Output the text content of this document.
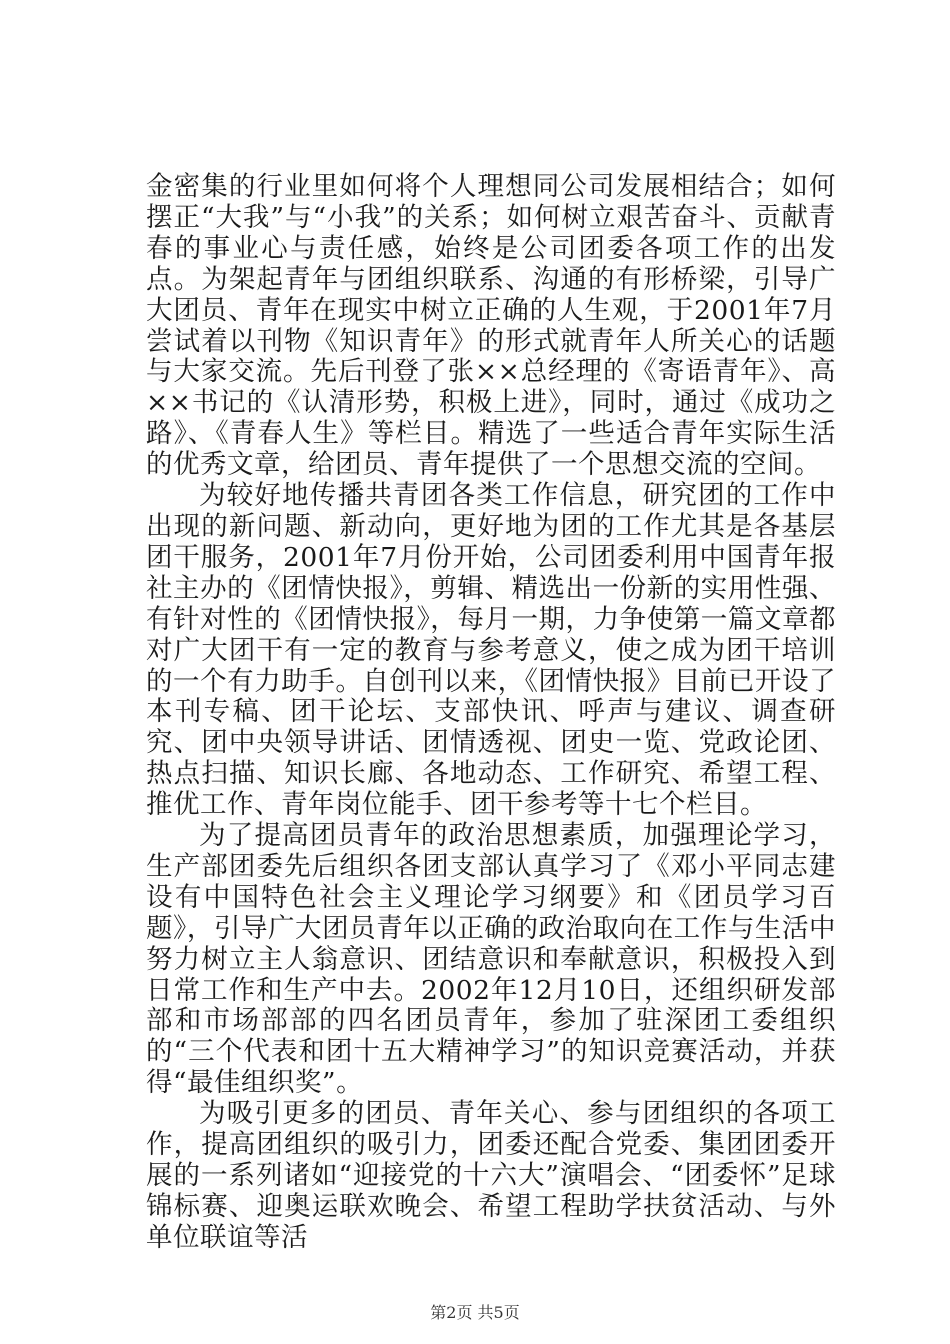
金密集的行业里如何将个人理想同公司发展相结合；如何摆正“大我”与“小我”的关系；如何树立艰苦奋斗、贡献青春的事业心与责任感，始终是公司团委各项工作的出发点。为架起青年与团组织联系、沟通的有形桥梁，引导广大团员、青年在现实中树立正确的人生观，于2001年7月尝试着以刊物《知识青年》的形式就青年人所关心的话题与大家交流。先后刊登了张××总经理的《寄语青年》、高××书记的《认清形势，积极上进》，同时，通过《成功之路》、《青春人生》等栏目。精选了一些适合青年实际生活的优秀文章，给团员、青年提供了一个思想交流的空间。

为较好地传播共青团各类工作信息，研究团的工作中出现的新问题、新动向，更好地为团的工作尤其是各基层团干服务，2001年7月份开始，公司团委利用中国青年报社主办的《团情快报》，剪辑、精选出一份新的实用性强、有针对性的《团情快报》，每月一期，力争使第一篇文章都对广大团干有一定的教育与参考意义，使之成为团干培训的一个有力助手。自创刊以来，《团情快报》目前已开设了本刊专稿、团干论坛、支部快讯、呼声与建议、调查研究、团中央领导讲话、团情透视、团史一览、党政论团、热点扫描、知识长廊、各地动态、工作研究、希望工程、推优工作、青年岗位能手、团干参考等十七个栏目。

为了提高团员青年的政治思想素质，加强理论学习，生产部团委先后组织各团支部认真学习了《邓小平同志建设有中国特色社会主义理论学习纲要》和《团员学习百题》，引导广大团员青年以正确的政治取向在工作与生活中努力树立主人翁意识、团结意识和奉献意识，积极投入到日常工作和生产中去。2002年12月10日，还组织研发部部和市场部部的四名团员青年，参加了驻深团工委组织的“三个代表和团十五大精神学习”的知识竞赛活动，并获得“最佳组织奖”。

为吸引更多的团员、青年关心、参与团组织的各项工作，提高团组织的吸引力，团委还配合党委、集团团委开展的一系列诸如“迎接党的十六大”演唱会、“团委怀”足球锦标赛、迎奥运联欢晚会、希望工程助学扶贫活动、与外单位联谊等活

第2页 共5页
